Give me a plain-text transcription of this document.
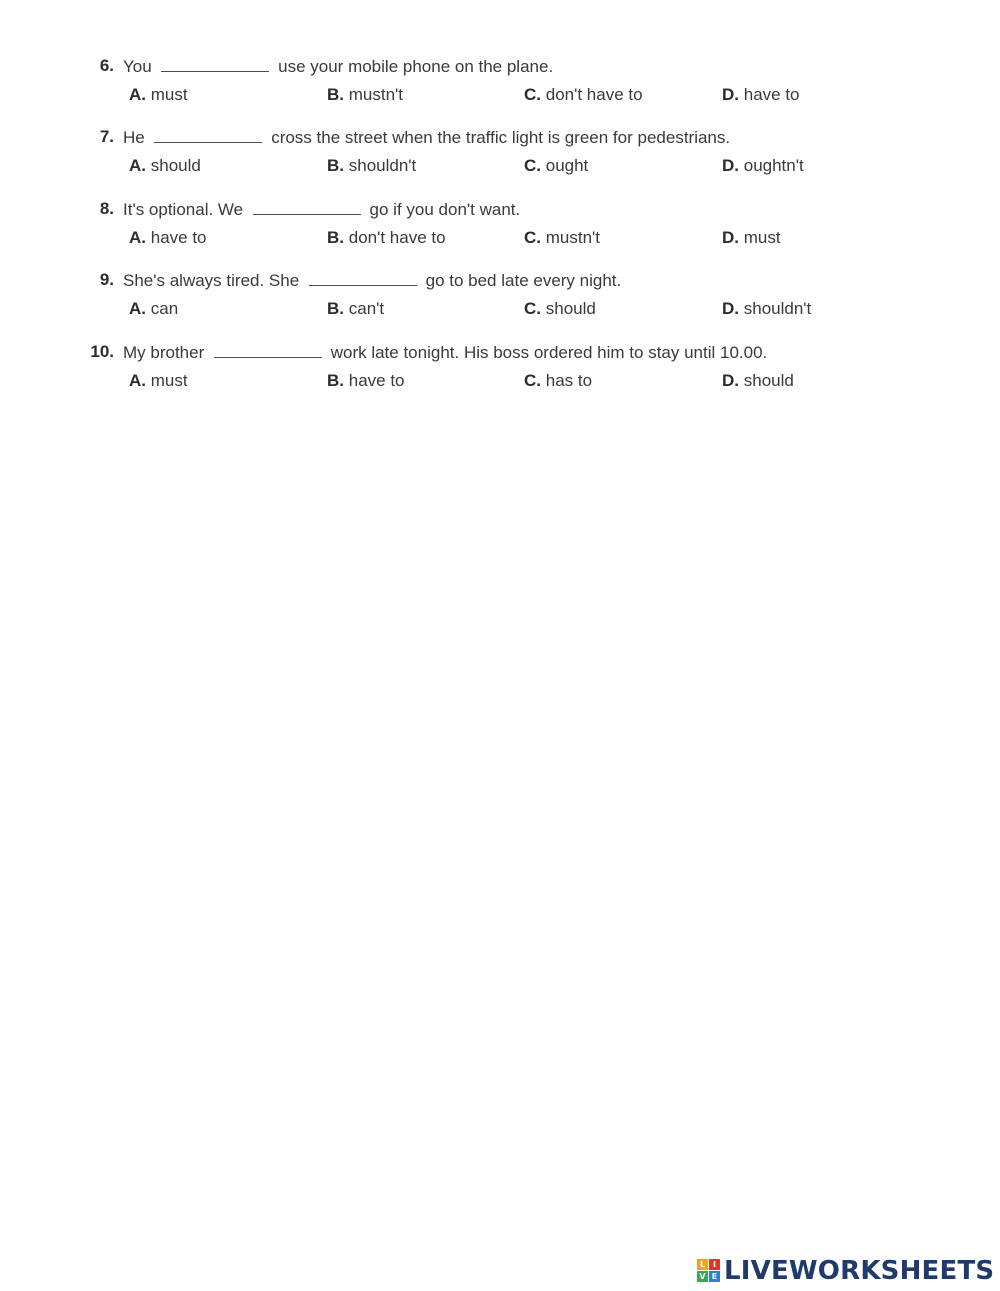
6. You	use your mobile phone on the plane.
A. must	B. mustn't	C. don't have to	D. have to
7. He	cross the street when the traffic light is green for pedestrians.
A. should	B. shouldn't	C. ought	D. oughtn't
8. It's optional. We	go if you don't want.
A. have to	B. don't have to	C. mustn't	D. must
9. She's always tired. She	go to bed late every night.
A. can	B. can't	C. should	D. shouldn't
10. My brother	work late tonight. His boss ordered him to stay until 10.00.
A. must	B. have to	C. has to	D. should
L I
V E LIVEWORKSHEETS
